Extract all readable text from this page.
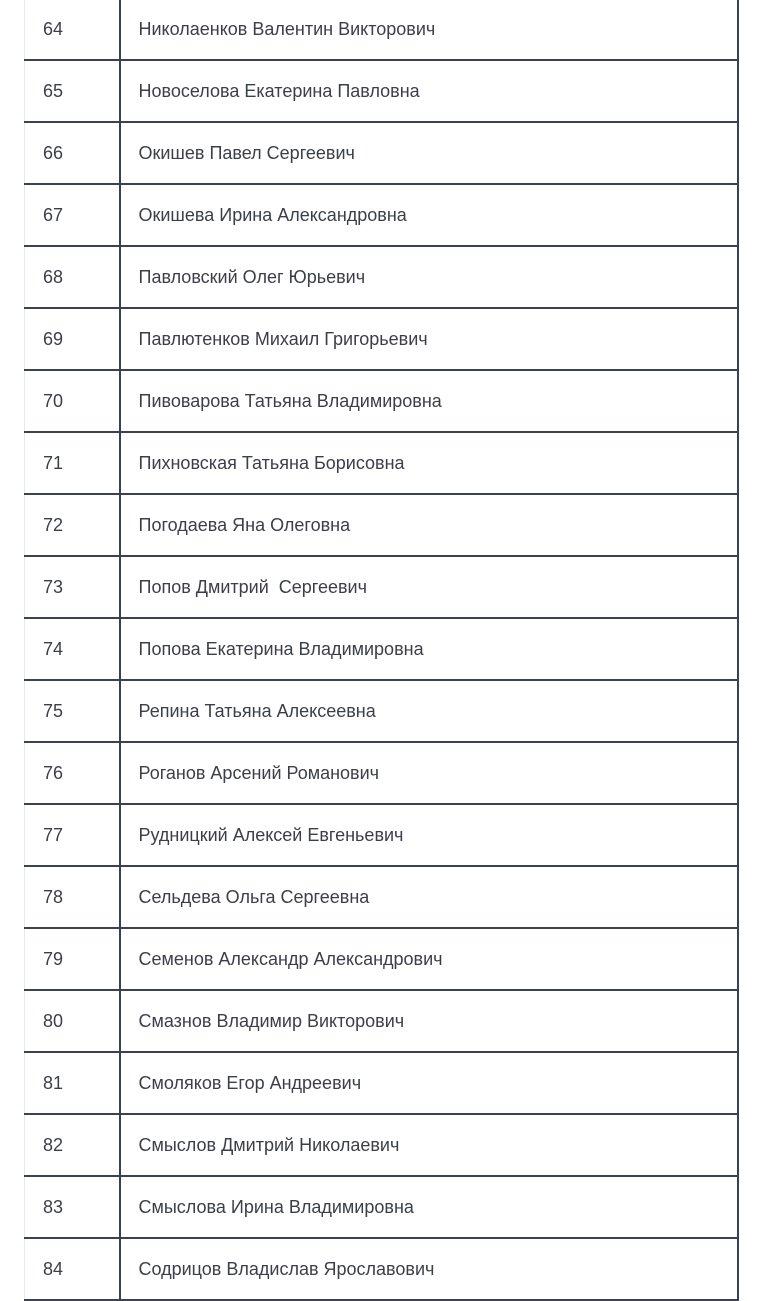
64	Николаенков Валентин Викторович
65	Новоселова Екатерина Павловна
66	Окишев Павел Сергеевич
67	Окишева Ирина Александровна
68	Павловский Олег Юрьевич
69	Павлютенков Михаил Григорьевич
70	Пивоварова Татьяна Владимировна
71	Пихновская Татьяна Борисовна
72	Погодаева Яна Олеговна
73	Попов Дмитрий  Сергеевич
74	Попова Екатерина Владимировна
75	Репина Татьяна Алексеевна
76	Роганов Арсений Романович
77	Рудницкий Алексей Евгеньевич
78	Сельдева Ольга Сергеевна
79	Семенов Александр Александрович
80	Смазнов Владимир Викторович
81	Смоляков Егор Андреевич
82	Смыслов Дмитрий Николаевич
83	Смыслова Ирина Владимировна
84	Содрицов Владислав Ярославович
